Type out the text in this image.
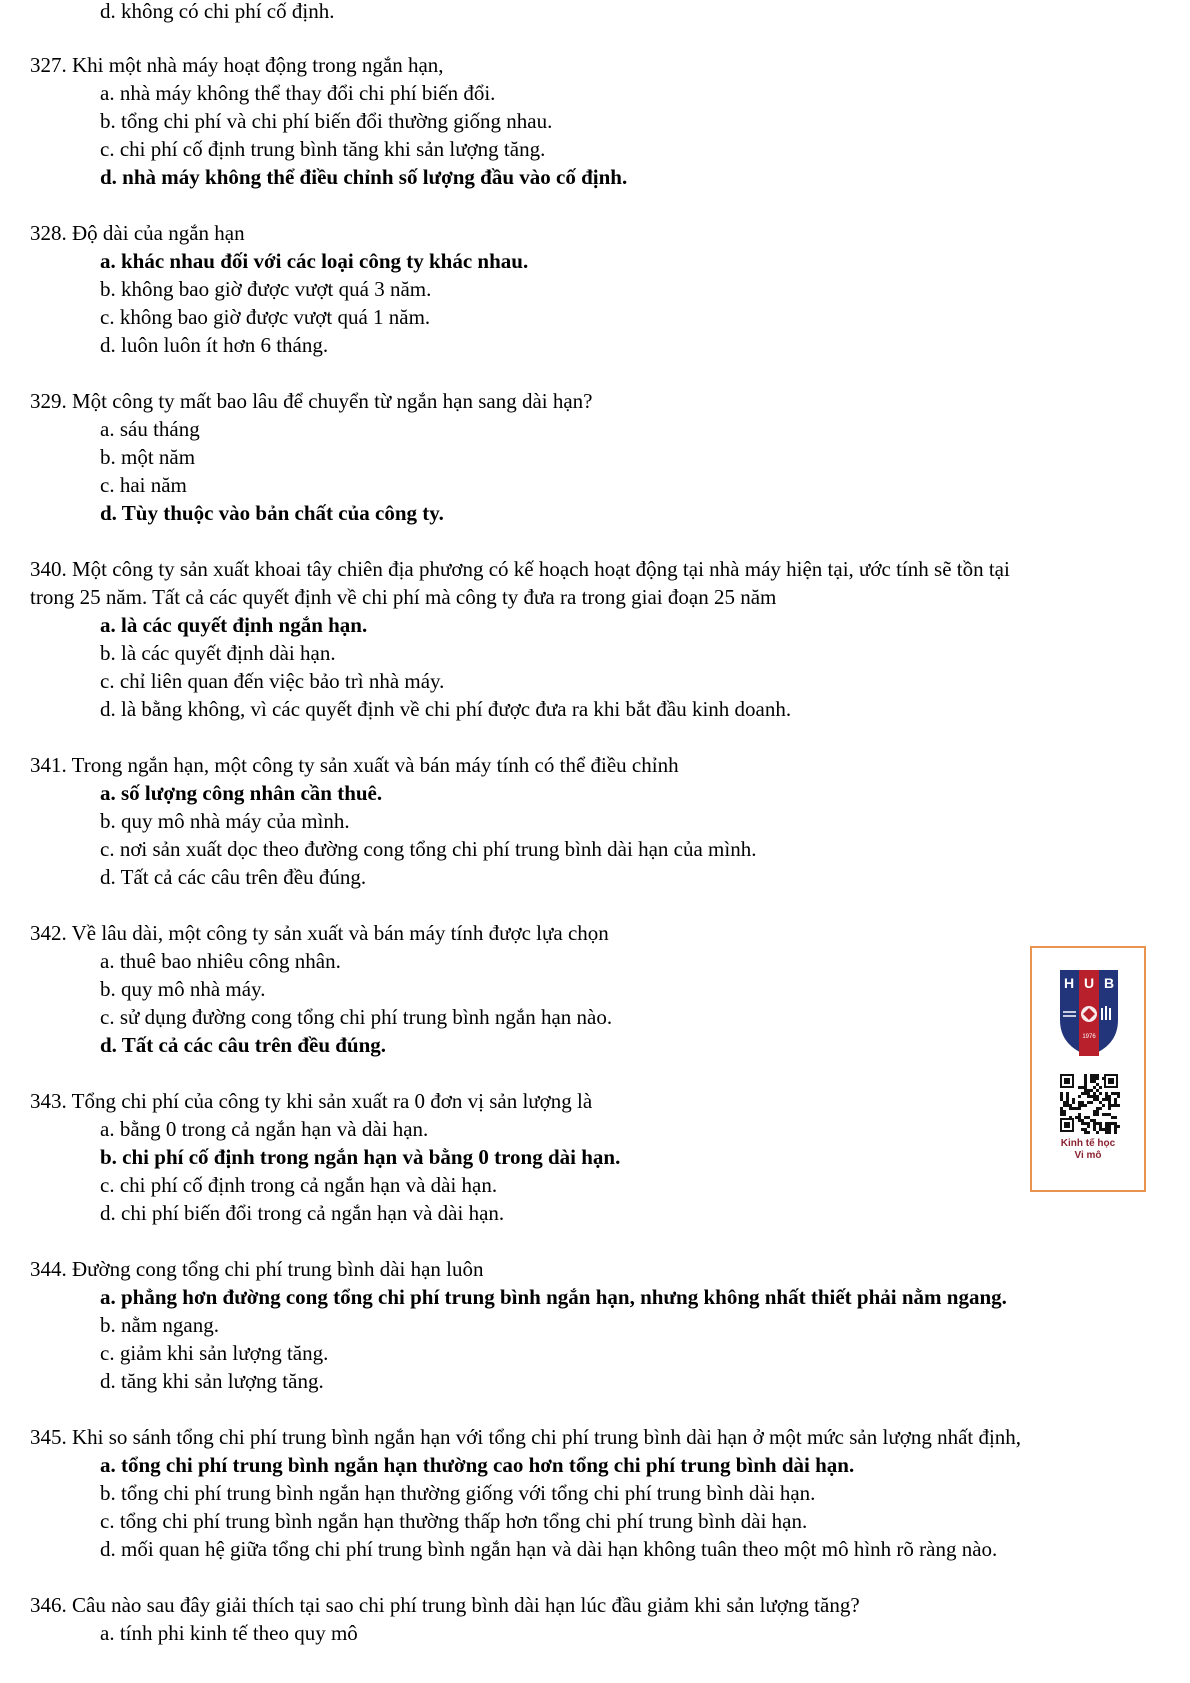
d. không có chi phí cố định.
327. Khi một nhà máy hoạt động trong ngắn hạn,
a. nhà máy không thể thay đổi chi phí biến đổi.
b. tổng chi phí và chi phí biến đổi thường giống nhau.
c. chi phí cố định trung bình tăng khi sản lượng tăng.
d. nhà máy không thể điều chỉnh số lượng đầu vào cố định.
328. Độ dài của ngắn hạn
a. khác nhau đối với các loại công ty khác nhau.
b. không bao giờ được vượt quá 3 năm.
c. không bao giờ được vượt quá 1 năm.
d. luôn luôn ít hơn 6 tháng.
329. Một công ty mất bao lâu để chuyển từ ngắn hạn sang dài hạn?
a. sáu tháng
b. một năm
c. hai năm
d. Tùy thuộc vào bản chất của công ty.
340. Một công ty sản xuất khoai tây chiên địa phương có kế hoạch hoạt động tại nhà máy hiện tại, ước tính sẽ tồn tại
trong 25 năm. Tất cả các quyết định về chi phí mà công ty đưa ra trong giai đoạn 25 năm
a. là các quyết định ngắn hạn.
b. là các quyết định dài hạn.
c. chỉ liên quan đến việc bảo trì nhà máy.
d. là bằng không, vì các quyết định về chi phí được đưa ra khi bắt đầu kinh doanh.
341. Trong ngắn hạn, một công ty sản xuất và bán máy tính có thể điều chỉnh
a. số lượng công nhân cần thuê.
b. quy mô nhà máy của mình.
c. nơi sản xuất dọc theo đường cong tổng chi phí trung bình dài hạn của mình.
d. Tất cả các câu trên đều đúng.
342. Về lâu dài, một công ty sản xuất và bán máy tính được lựa chọn
a. thuê bao nhiêu công nhân.
b. quy mô nhà máy.
c. sử dụng đường cong tổng chi phí trung bình ngắn hạn nào.
d. Tất cả các câu trên đều đúng.
343. Tổng chi phí của công ty khi sản xuất ra 0 đơn vị sản lượng là
a. bằng 0 trong cả ngắn hạn và dài hạn.
b. chi phí cố định trong ngắn hạn và bằng 0 trong dài hạn.
c. chi phí cố định trong cả ngắn hạn và dài hạn.
d. chi phí biến đổi trong cả ngắn hạn và dài hạn.
344. Đường cong tổng chi phí trung bình dài hạn luôn
a. phẳng hơn đường cong tổng chi phí trung bình ngắn hạn, nhưng không nhất thiết phải nằm ngang.
b. nằm ngang.
c. giảm khi sản lượng tăng.
d. tăng khi sản lượng tăng.
345. Khi so sánh tổng chi phí trung bình ngắn hạn với tổng chi phí trung bình dài hạn ở một mức sản lượng nhất định,
a. tổng chi phí trung bình ngắn hạn thường cao hơn tổng chi phí trung bình dài hạn.
b. tổng chi phí trung bình ngắn hạn thường giống với tổng chi phí trung bình dài hạn.
c. tổng chi phí trung bình ngắn hạn thường thấp hơn tổng chi phí trung bình dài hạn.
d. mối quan hệ giữa tổng chi phí trung bình ngắn hạn và dài hạn không tuân theo một mô hình rõ ràng nào.
346. Câu nào sau đây giải thích tại sao chi phí trung bình dài hạn lúc đầu giảm khi sản lượng tăng?
a. tính phi kinh tế theo quy mô
H U B
1976
Kinh tế học
Vi mô
